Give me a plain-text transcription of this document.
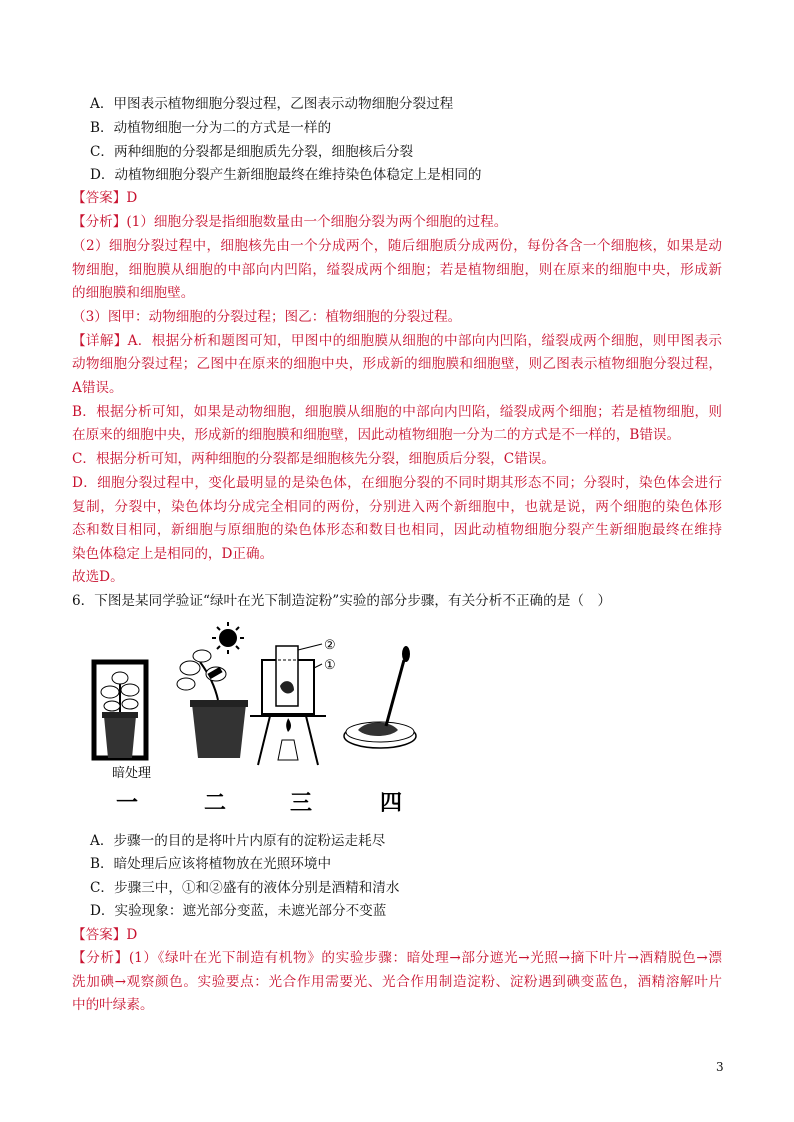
A．甲图表示植物细胞分裂过程，乙图表示动物细胞分裂过程
B．动植物细胞一分为二的方式是一样的
C．两种细胞的分裂都是细胞质先分裂，细胞核后分裂
D．动植物细胞分裂产生新细胞最终在维持染色体稳定上是相同的
【答案】D
【分析】(1）细胞分裂是指细胞数量由一个细胞分裂为两个细胞的过程。
（2）细胞分裂过程中，细胞核先由一个分成两个，随后细胞质分成两份，每份各含一个细胞核，如果是动
物细胞，细胞膜从细胞的中部向内凹陷，缢裂成两个细胞；若是植物细胞，则在原来的细胞中央，形成新
的细胞膜和细胞壁。
（3）图甲：动物细胞的分裂过程；图乙：植物细胞的分裂过程。
【详解】A．根据分析和题图可知，甲图中的细胞膜从细胞的中部向内凹陷，缢裂成两个细胞，则甲图表示
动物细胞分裂过程；乙图中在原来的细胞中央，形成新的细胞膜和细胞壁，则乙图表示植物细胞分裂过程，
A错误。
B．根据分析可知，如果是动物细胞，细胞膜从细胞的中部向内凹陷，缢裂成两个细胞；若是植物细胞，则
在原来的细胞中央，形成新的细胞膜和细胞壁，因此动植物细胞一分为二的方式是不一样的，B错误。
C．根据分析可知，两种细胞的分裂都是细胞核先分裂，细胞质后分裂，C错误。
D．细胞分裂过程中，变化最明显的是染色体，在细胞分裂的不同时期其形态不同；分裂时，染色体会进行
复制，分裂中，染色体均分成完全相同的两份，分别进入两个新细胞中，也就是说，两个细胞的染色体形
态和数目相同，新细胞与原细胞的染色体形态和数目也相同，因此动植物细胞分裂产生新细胞最终在维持
染色体稳定上是相同的，D正确。
故选D。
6．下图是某同学验证“绿叶在光下制造淀粉”实验的部分步骤，有关分析不正确的是（　）
A．步骤一的目的是将叶片内原有的淀粉运走耗尽
B．暗处理后应该将植物放在光照环境中
C．步骤三中，①和②盛有的液体分别是酒精和清水
D．实验现象：遮光部分变蓝，未遮光部分不变蓝
【答案】D
【分析】(1）《绿叶在光下制造有机物》的实验步骤：暗处理→部分遮光→光照→摘下叶片→酒精脱色→漂
洗加碘→观察颜色。实验要点：光合作用需要光、光合作用制造淀粉、淀粉遇到碘变蓝色，酒精溶解叶片
中的叶绿素。
暗处理
②
①
一	二	三	四
3
